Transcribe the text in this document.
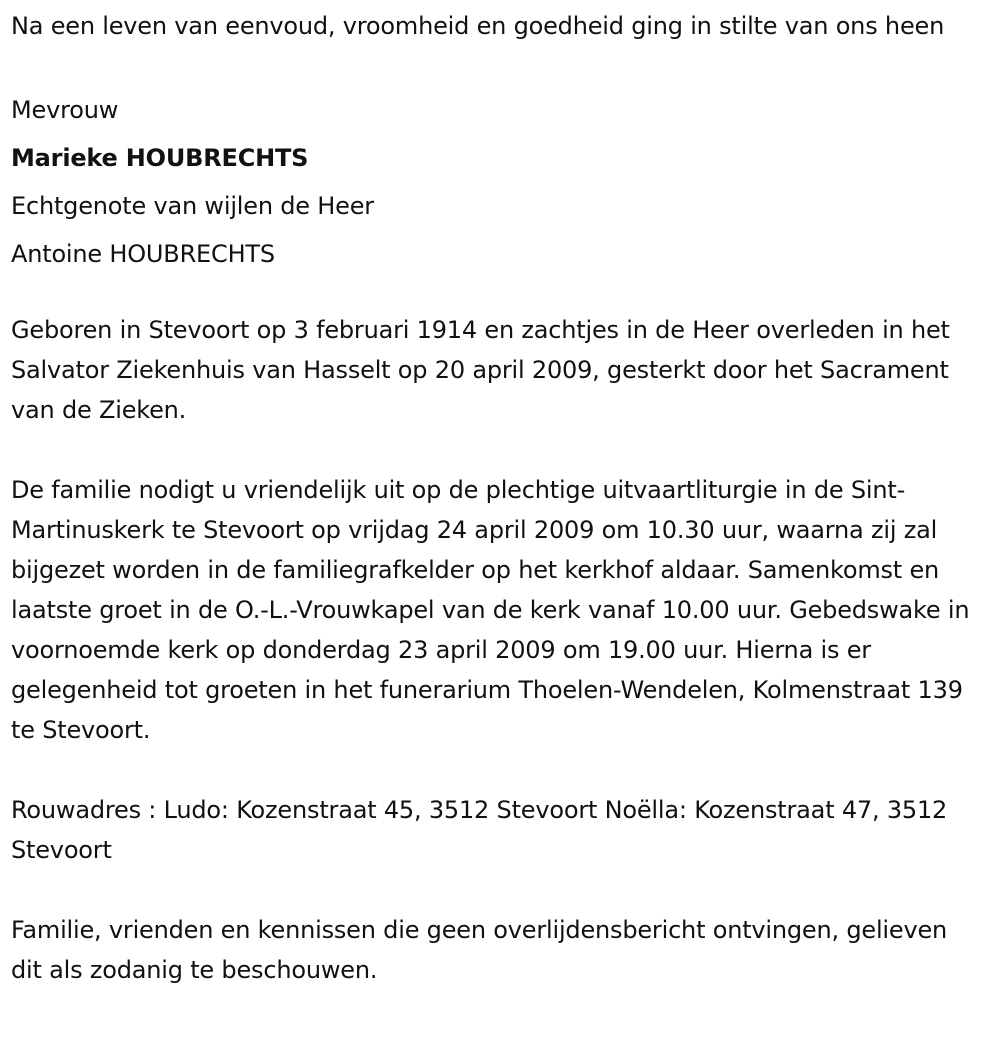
Na een leven van eenvoud, vroomheid en goedheid ging in stilte van ons heen

Mevrouw
Marieke HOUBRECHTS
Echtgenote van wijlen de Heer
Antoine HOUBRECHTS

Geboren in Stevoort op 3 februari 1914 en zachtjes in de Heer overleden in het Salvator Ziekenhuis van Hasselt op 20 april 2009, gesterkt door het Sacrament van de Zieken.

De familie nodigt u vriendelijk uit op de plechtige uitvaartliturgie in de Sint-Martinuskerk te Stevoort op vrijdag 24 april 2009 om 10.30 uur, waarna zij zal bijgezet worden in de familiegrafkelder op het kerkhof aldaar. Samenkomst en laatste groet in de O.-L.-Vrouwkapel van de kerk vanaf 10.00 uur. Gebedswake in voornoemde kerk op donderdag 23 april 2009 om 19.00 uur. Hierna is er gelegenheid tot groeten in het funerarium Thoelen-Wendelen, Kolmenstraat 139 te Stevoort.

Rouwadres : Ludo: Kozenstraat 45, 3512 Stevoort Noëlla: Kozenstraat 47, 3512 Stevoort

Familie, vrienden en kennissen die geen overlijdensbericht ontvingen, gelieven dit als zodanig te beschouwen.
